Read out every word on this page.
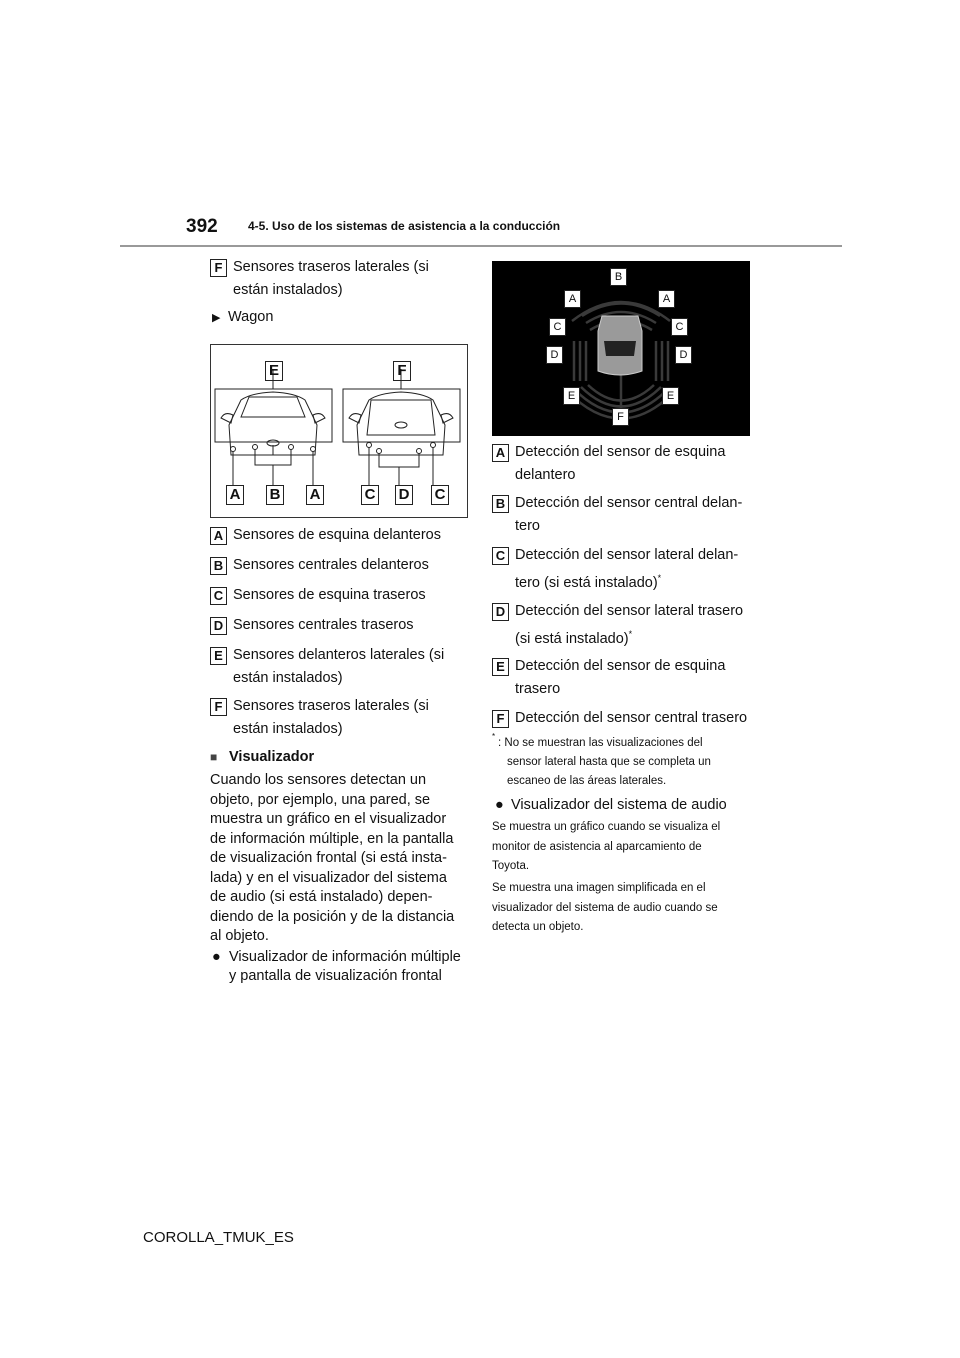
392	4-5. Uso de los sistemas de asistencia a la conducción
▶ Wagon
E	F
A B A	C D C
■ Visualizador
● Visualizador de información múltiple
y pantalla de visualización frontal
B
A	A
C	C
D	D
E	E
F
*
● Visualizador del sistema de audio
COROLLA_TMUK_ES
F Sensores traseros laterales (si
están instalados)
A Sensores de esquina delanteros
B Sensores centrales delanteros
C Sensores de esquina traseros
D Sensores centrales traseros
E Sensores delanteros laterales (si
están instalados)
F Sensores traseros laterales (si
están instalados)
A Detección del sensor de esquina
delantero
B Detección del sensor central delan-
tero
C Detección del sensor lateral delan-
tero (si está instalado)*
D Detección del sensor lateral trasero
(si está instalado)*
E Detección del sensor de esquina
trasero
F Detección del sensor central trasero
Cuando los sensores detectan un
objeto, por ejemplo, una pared, se
muestra un gráfico en el visualizador
de información múltiple, en la pantalla
de visualización frontal (si está insta-
lada) y en el visualizador del sistema
de audio (si está instalado) depen-
diendo de la posición y de la distancia
al objeto.
: No se muestran las visualizaciones del
sensor lateral hasta que se completa un
escaneo de las áreas laterales.
Se muestra un gráfico cuando se visualiza el
monitor de asistencia al aparcamiento de
Toyota.
Se muestra una imagen simplificada en el
visualizador del sistema de audio cuando se
detecta un objeto.
